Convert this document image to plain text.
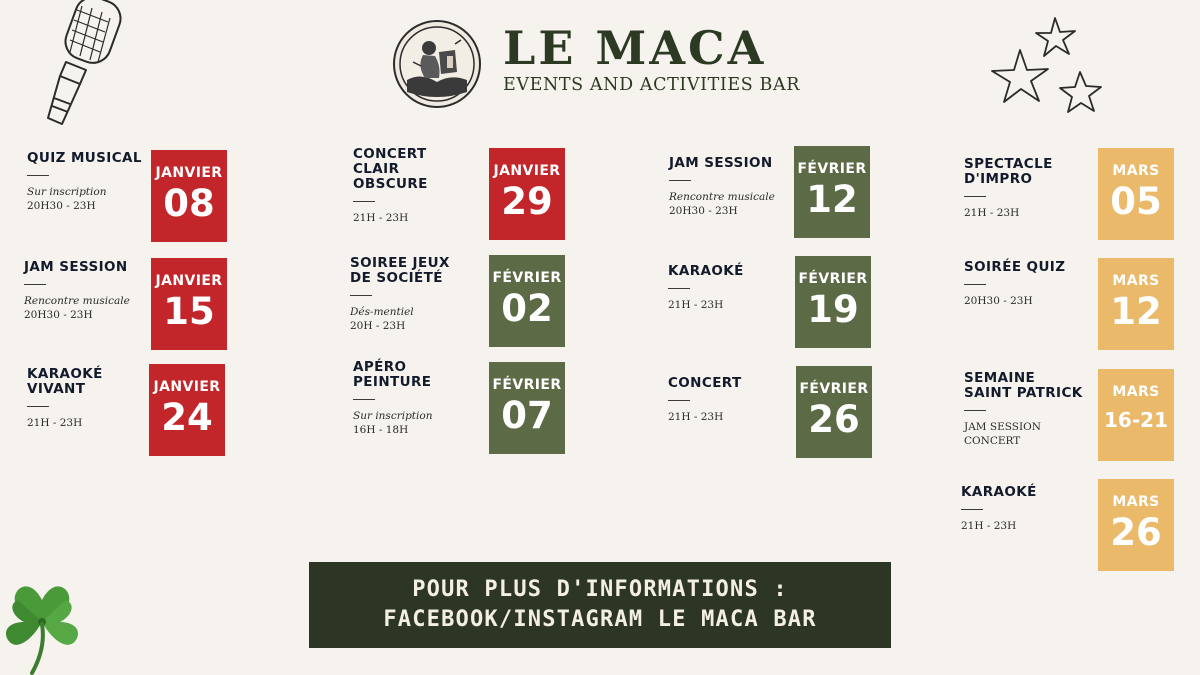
LE MACA
EVENTS AND ACTIVITIES BAR
QUIZ MUSICAL
Sur inscription
20H30 - 23H
JANVIER
08
JAM SESSION
Rencontre musicale
20H30 - 23H
JANVIER
15
KARAOKÉ VIVANT
21H - 23H
JANVIER
24
CONCERT CLAIR OBSCURE
21H - 23H
JANVIER
29
SOIREE JEUX DE SOCIÉTÉ
Dés-mentiel
20H - 23H
FÉVRIER
02
APÉRO PEINTURE
Sur inscription
16H - 18H
FÉVRIER
07
JAM SESSION
Rencontre musicale
20H30 - 23H
FÉVRIER
12
KARAOKÉ
21H - 23H
FÉVRIER
19
CONCERT
21H - 23H
FÉVRIER
26
SPECTACLE D'IMPRO
21H - 23H
MARS
05
SOIRÉE QUIZ
20H30 - 23H
MARS
12
SEMAINE SAINT PATRICK
JAM SESSION
CONCERT
MARS
16-21
KARAOKÉ
21H - 23H
MARS
26
POUR PLUS D'INFORMATIONS :
FACEBOOK/INSTAGRAM LE MACA BAR
